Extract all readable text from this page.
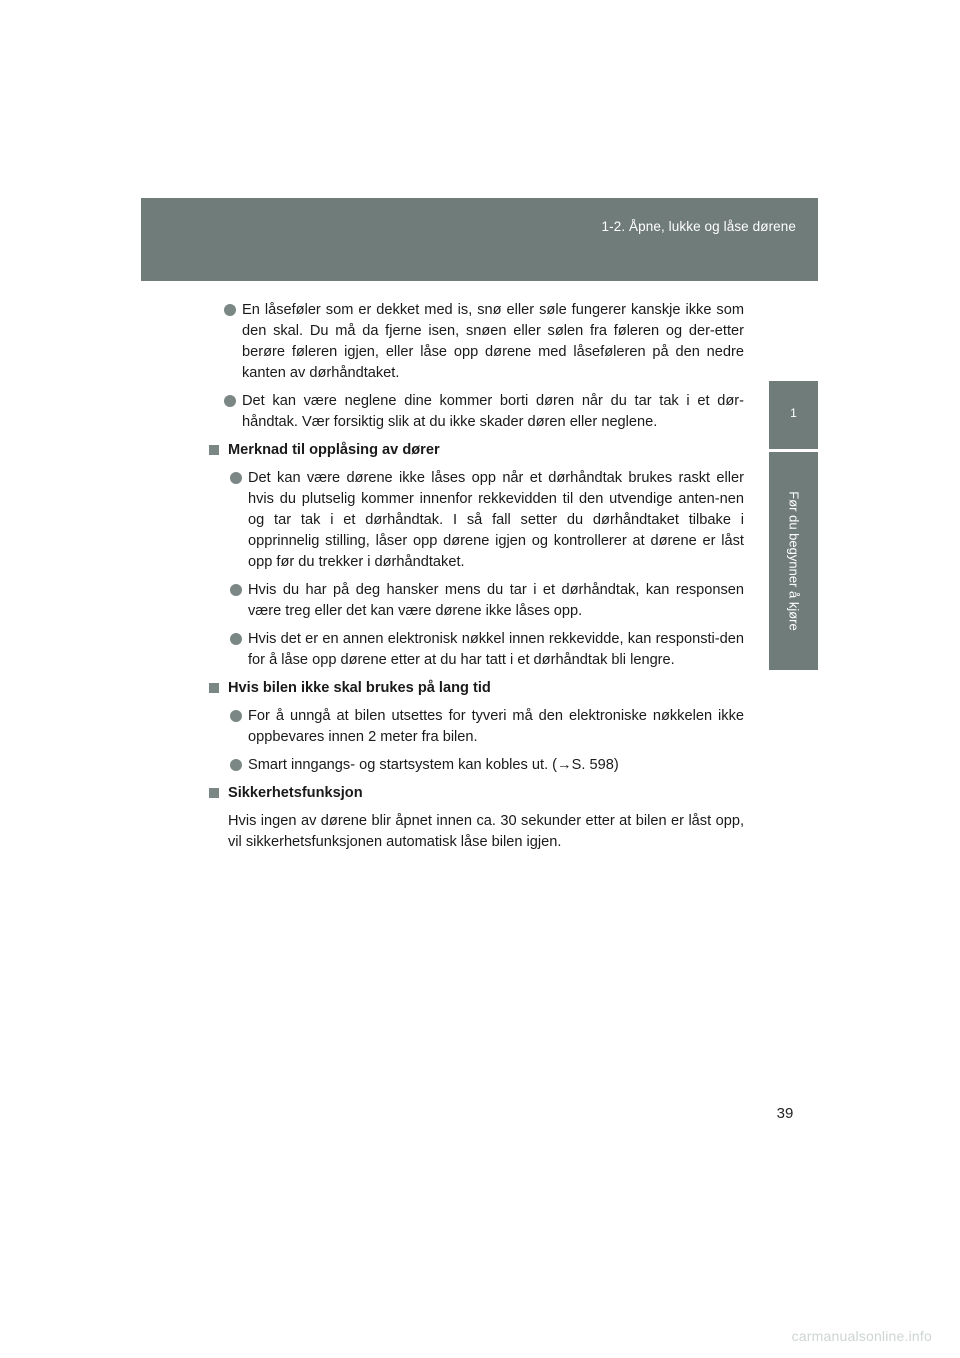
1-2. Åpne, lukke og låse dørene
1
Før du begynner å kjøre
En låseføler som er dekket med is, snø eller søle fungerer kanskje ikke som den skal. Du må da fjerne isen, snøen eller sølen fra føleren og der-etter berøre føleren igjen, eller låse opp dørene med låseføleren på den nedre kanten av dørhåndtaket.
Det kan være neglene dine kommer borti døren når du tar tak i et dør-håndtak. Vær forsiktig slik at du ikke skader døren eller neglene.
Merknad til opplåsing av dører
Det kan være dørene ikke låses opp når et dørhåndtak brukes raskt eller hvis du plutselig kommer innenfor rekkevidden til den utvendige anten-nen og tar tak i et dørhåndtak. I så fall setter du dørhåndtaket tilbake i opprinnelig stilling, låser opp dørene igjen og kontrollerer at dørene er låst opp før du trekker i dørhåndtaket.
Hvis du har på deg hansker mens du tar i et dørhåndtak, kan responsen være treg eller det kan være dørene ikke låses opp.
Hvis det er en annen elektronisk nøkkel innen rekkevidde, kan responsti-den for å låse opp dørene etter at du har tatt i et dørhåndtak bli lengre.
Hvis bilen ikke skal brukes på lang tid
For å unngå at bilen utsettes for tyveri må den elektroniske nøkkelen ikke oppbevares innen 2 meter fra bilen.
Smart inngangs- og startsystem kan kobles ut. (→S. 598)
Sikkerhetsfunksjon
Hvis ingen av dørene blir åpnet innen ca. 30 sekunder etter at bilen er låst opp, vil sikkerhetsfunksjonen automatisk låse bilen igjen.
39
carmanualsonline.info
